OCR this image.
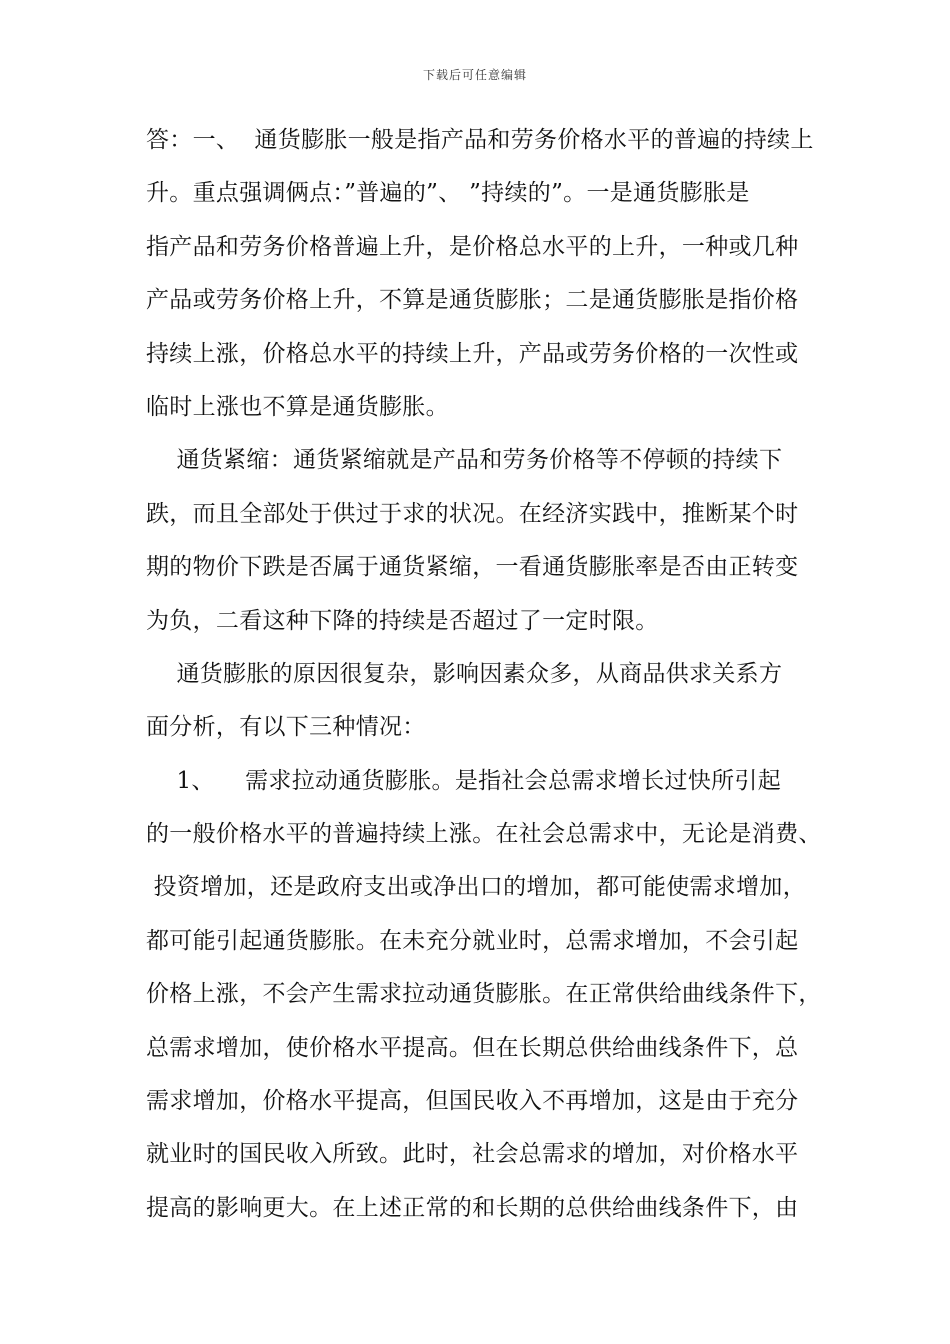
下载后可任意编辑
答：一、  通货膨胀一般是指产品和劳务价格水平的普遍的持续上
升。重点强调俩点：”普遍的”、 ”持续的”。一是通货膨胀是
指产品和劳务价格普遍上升，是价格总水平的上升，一种或几种
产品或劳务价格上升，不算是通货膨胀；二是通货膨胀是指价格
持续上涨，价格总水平的持续上升，产品或劳务价格的一次性或
临时上涨也不算是通货膨胀。
通货紧缩：通货紧缩就是产品和劳务价格等不停顿的持续下
跌，而且全部处于供过于求的状况。在经济实践中，推断某个时
期的物价下跌是否属于通货紧缩，一看通货膨胀率是否由正转变
为负，二看这种下降的持续是否超过了一定时限。
通货膨胀的原因很复杂，影响因素众多，从商品供求关系方
面分析，有以下三种情况：
1、    需求拉动通货膨胀。是指社会总需求增长过快所引起
的一般价格水平的普遍持续上涨。在社会总需求中，无论是消费、
投资增加，还是政府支出或净出口的增加，都可能使需求增加，
都可能引起通货膨胀。在未充分就业时，总需求增加，不会引起
价格上涨，不会产生需求拉动通货膨胀。在正常供给曲线条件下，
总需求增加，使价格水平提高。但在长期总供给曲线条件下，总
需求增加，价格水平提高，但国民收入不再增加，这是由于充分
就业时的国民收入所致。此时，社会总需求的增加，对价格水平
提高的影响更大。在上述正常的和长期的总供给曲线条件下，由
